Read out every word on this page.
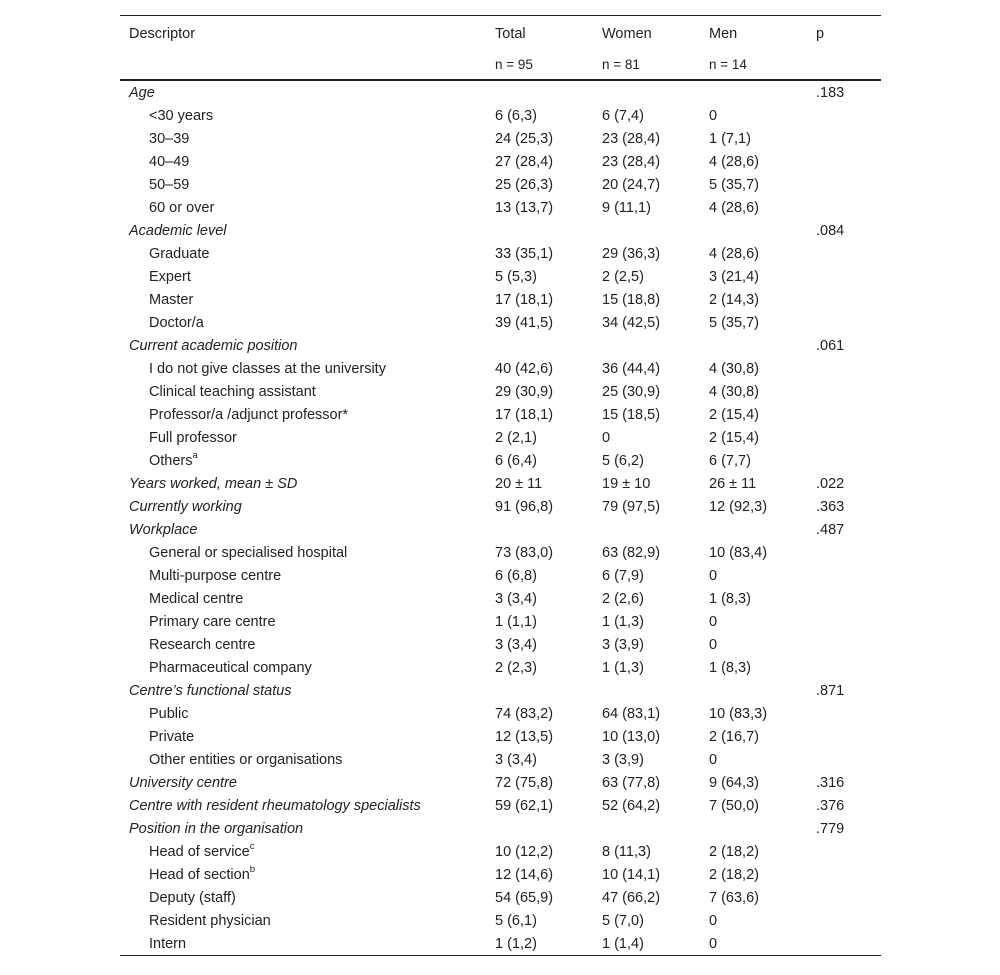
Descriptor	Total	Women	Men	p
	n = 95	n = 81	n = 14	
Age				.183
<30 years	6 (6,3)	6 (7,4)	0	
30–39	24 (25,3)	23 (28,4)	1 (7,1)	
40–49	27 (28,4)	23 (28,4)	4 (28,6)	
50–59	25 (26,3)	20 (24,7)	5 (35,7)	
60 or over	13 (13,7)	9 (11,1)	4 (28,6)	
Academic level				.084
Graduate	33 (35,1)	29 (36,3)	4 (28,6)	
Expert	5 (5,3)	2 (2,5)	3 (21,4)	
Master	17 (18,1)	15 (18,8)	2 (14,3)	
Doctor/a	39 (41,5)	34 (42,5)	5 (35,7)	
Current academic position				.061
I do not give classes at the university	40 (42,6)	36 (44,4)	4 (30,8)	
Clinical teaching assistant	29 (30,9)	25 (30,9)	4 (30,8)	
Professor/a /adjunct professor*	17 (18,1)	15 (18,5)	2 (15,4)	
Full professor	2 (2,1)	0	2 (15,4)	
Others$^a$	6 (6,4)	5 (6,2)	6 (7,7)	
Years worked, mean ± SD	20 ± 11	19 ± 10	26 ± 11	.022
Currently working	91 (96,8)	79 (97,5)	12 (92,3)	.363
Workplace				.487
General or specialised hospital	73 (83,0)	63 (82,9)	10 (83,4)	
Multi-purpose centre	6 (6,8)	6 (7,9)	0	
Medical centre	3 (3,4)	2 (2,6)	1 (8,3)	
Primary care centre	1 (1,1)	1 (1,3)	0	
Research centre	3 (3,4)	3 (3,9)	0	
Pharmaceutical company	2 (2,3)	1 (1,3)	1 (8,3)	
Centre’s functional status				.871
Public	74 (83,2)	64 (83,1)	10 (83,3)	
Private	12 (13,5)	10 (13,0)	2 (16,7)	
Other entities or organisations	3 (3,4)	3 (3,9)	0	
University centre	72 (75,8)	63 (77,8)	9 (64,3)	.316
Centre with resident rheumatology specialists	59 (62,1)	52 (64,2)	7 (50,0)	.376
Position in the organisation				.779
Head of service$^c$	10 (12,2)	8 (11,3)	2 (18,2)	
Head of section$^b$	12 (14,6)	10 (14,1)	2 (18,2)	
Deputy (staff)	54 (65,9)	47 (66,2)	7 (63,6)	
Resident physician	5 (6,1)	5 (7,0)	0	
Intern	1 (1,2)	1 (1,4)	0	
